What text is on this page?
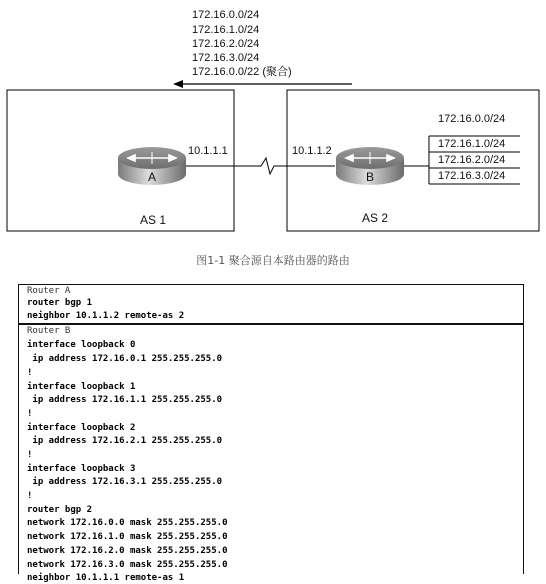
172.16.0.0/24
172.16.1.0/24
172.16.2.0/24
172.16.3.0/24
172.16.0.0/22 (聚合)
10.1.1.1
A
AS 1
10.1.1.2
B
AS 2
172.16.0.0/24
172.16.1.0/24
172.16.2.0/24
172.16.3.0/24
图1-1 聚合源自本路由器的路由
Router A
router bgp 1
neighbor 10.1.1.2 remote-as 2
Router B
interface loopback 0
ip address 172.16.0.1 255.255.255.0
!
interface loopback 1
ip address 172.16.1.1 255.255.255.0
!
interface loopback 2
ip address 172.16.2.1 255.255.255.0
!
interface loopback 3
ip address 172.16.3.1 255.255.255.0
!
router bgp 2
network 172.16.0.0 mask 255.255.255.0
network 172.16.1.0 mask 255.255.255.0
network 172.16.2.0 mask 255.255.255.0
network 172.16.3.0 mask 255.255.255.0
neighbor 10.1.1.1 remote-as 1
